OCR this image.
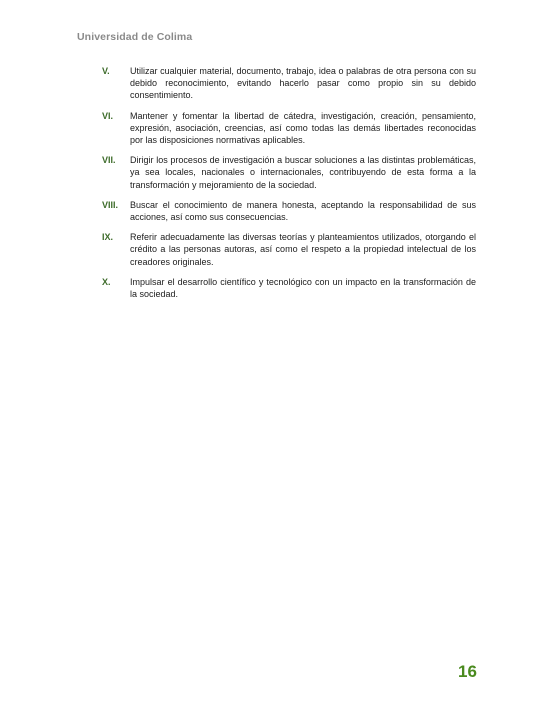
Universidad de Colima
V.	Utilizar cualquier material, documento, trabajo, idea o palabras de otra persona con su debido reconocimiento, evitando hacerlo pasar como propio sin su debido consentimiento.
VI.	Mantener y fomentar la libertad de cátedra, investigación, creación, pensamiento, expresión, asociación, creencias, así como todas las demás libertades reconocidas por las disposiciones normativas aplicables.
VII.	Dirigir los procesos de investigación a buscar soluciones a las distintas problemáticas, ya sea locales, nacionales o internacionales, contribuyendo de esta forma a la transformación y mejoramiento de la sociedad.
VIII.	Buscar el conocimiento de manera honesta, aceptando la responsabilidad de sus acciones, así como sus consecuencias.
IX.	Referir adecuadamente las diversas teorías y planteamientos utilizados, otorgando el crédito a las personas autoras, así como el respeto a la propiedad intelectual de los creadores originales.
X.	Impulsar el desarrollo científico y tecnológico con un impacto en la transformación de la sociedad.
16
